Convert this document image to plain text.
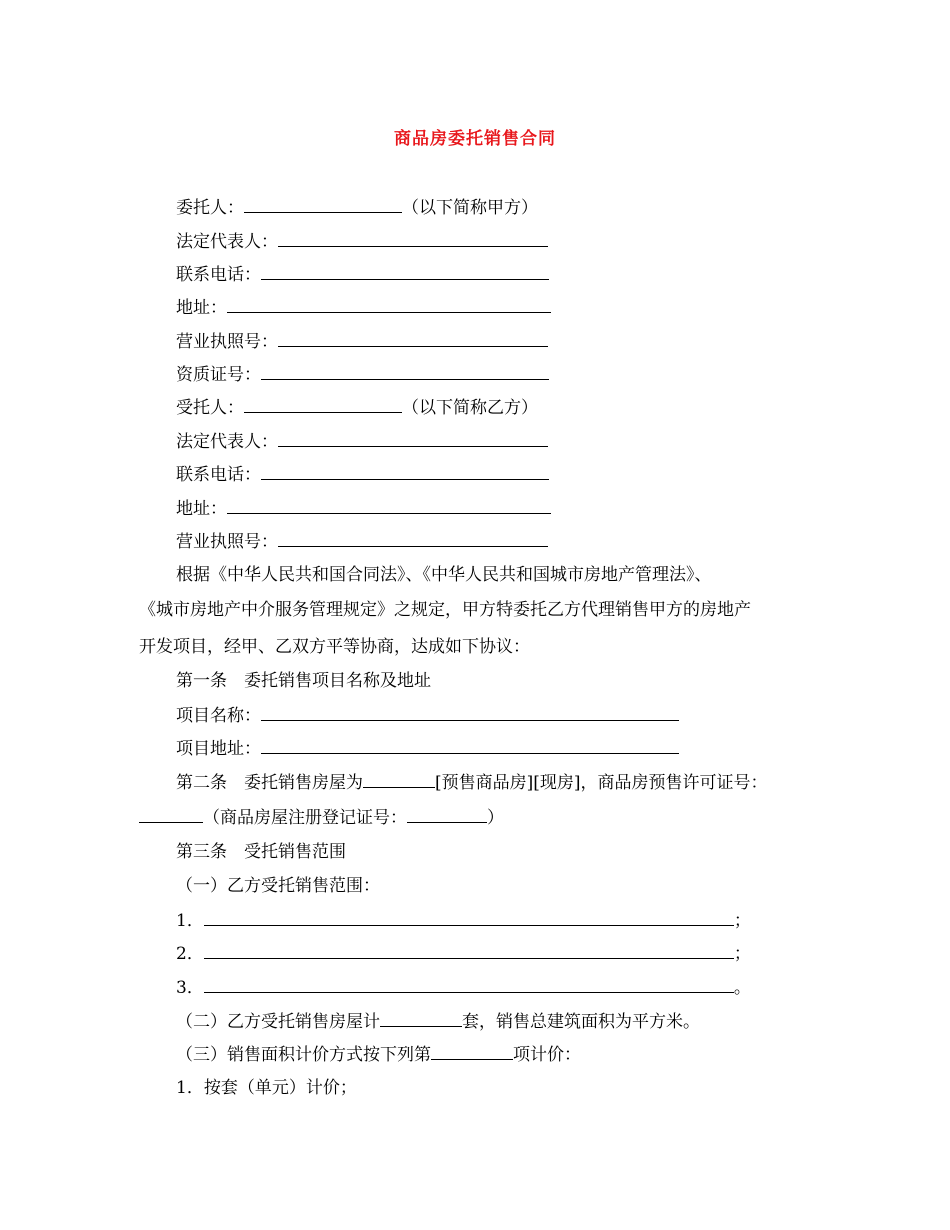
商品房委托销售合同
委托人：	（以下简称甲方）
法定代表人：
联系电话：
地址：
营业执照号：
资质证号：
受托人：	（以下简称乙方）
法定代表人：
联系电话：
地址：
营业执照号：
根据《中华人民共和国合同法》、《中华人民共和国城市房地产管理法》、
《城市房地产中介服务管理规定》之规定，甲方特委托乙方代理销售甲方的房地产
开发项目，经甲、乙双方平等协商，达成如下协议：
第一条　委托销售项目名称及地址
项目名称：
项目地址：
第二条　委托销售房屋为	[预售商品房][现房]，商品房预售许可证号：
（商品房屋注册登记证号：	）
第三条　受托销售范围
（一）乙方受托销售范围：
1．	；
2．	；
3．	。
（二）乙方受托销售房屋计	套，销售总建筑面积为平方米。
（三）销售面积计价方式按下列第	项计价：
1．按套（单元）计价；
